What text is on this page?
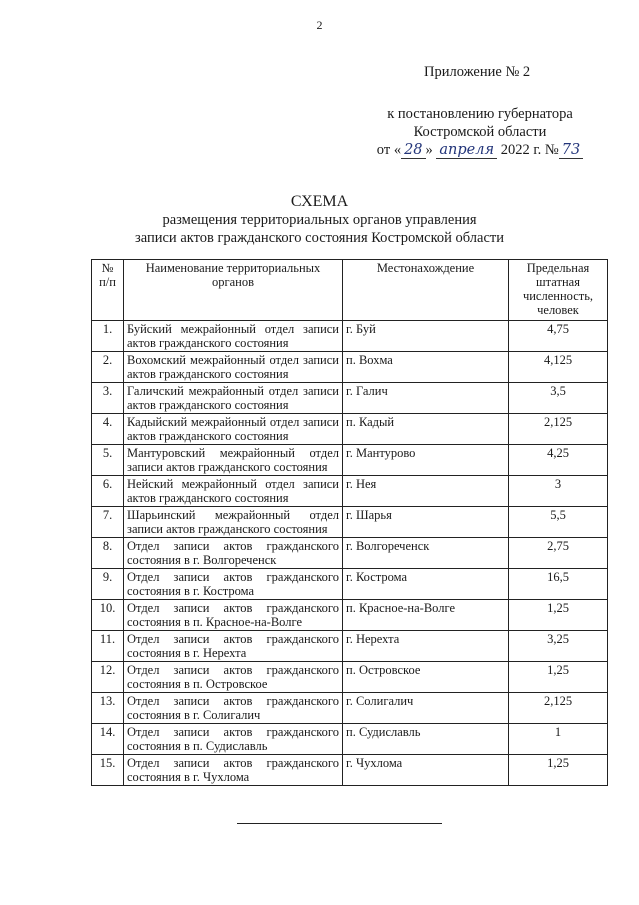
2
Приложение № 2
к постановлению губернатора
Костромской области
от « 28 » апреля 2022 г. № 73
СХЕМА
размещения территориальных органов управления
записи актов гражданского состояния Костромской области
№ п/п	Наименование территориальных органов	Местонахождение	Предельная штатная численность, человек
1.	Буйский межрайонный отдел записи актов гражданского состояния	г. Буй	4,75
2.	Вохомский межрайонный отдел записи актов гражданского состояния	п. Вохма	4,125
3.	Галичский межрайонный отдел записи актов гражданского состояния	г. Галич	3,5
4.	Кадыйский межрайонный отдел записи актов гражданского состояния	п. Кадый	2,125
5.	Мантуровский межрайонный отдел записи актов гражданского состояния	г. Мантурово	4,25
6.	Нейский межрайонный отдел записи актов гражданского состояния	г. Нея	3
7.	Шарьинский межрайонный отдел записи актов гражданского состояния	г. Шарья	5,5
8.	Отдел записи актов гражданского состояния в г. Волгореченск	г. Волгореченск	2,75
9.	Отдел записи актов гражданского состояния в г. Кострома	г. Кострома	16,5
10.	Отдел записи актов гражданского состояния в п. Красное-на-Волге	п. Красное-на-Волге	1,25
11.	Отдел записи актов гражданского состояния в г. Нерехта	г. Нерехта	3,25
12.	Отдел записи актов гражданского состояния в п. Островское	п. Островское	1,25
13.	Отдел записи актов гражданского состояния в г. Солигалич	г. Солигалич	2,125
14.	Отдел записи актов гражданского состояния в п. Судиславль	п. Судиславль	1
15.	Отдел записи актов гражданского состояния в г. Чухлома	г. Чухлома	1,25
